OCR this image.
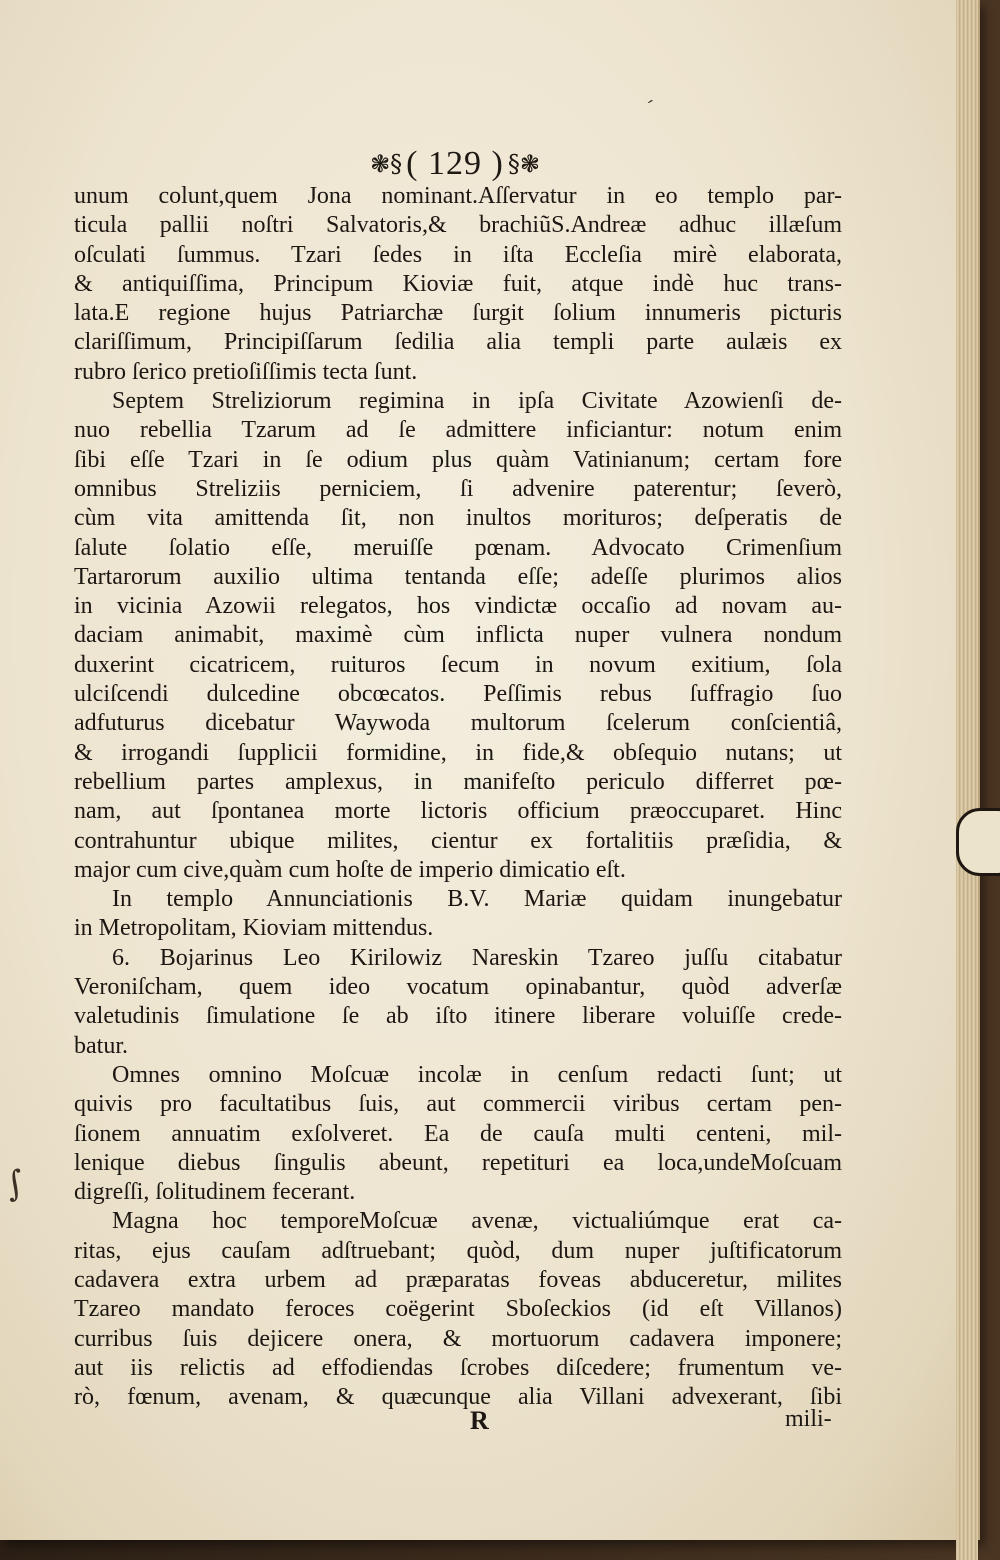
ˊ
∫
❃§ ( 129 ) §❃
unum colunt,quem Jona nominant.Aſſervatur in eo templo par-
ticula pallii noſtri Salvatoris,& brachiũS.Andreæ adhuc illæſum
oſculati ſummus. Tzari ſedes in iſta Eccleſia mirè elaborata,
& antiquiſſima, Principum Kioviæ fuit, atque indè huc trans-
lata.E regione hujus Patriarchæ ſurgit ſolium innumeris picturis
clariſſimum, Principiſſarum ſedilia alia templi parte aulæis ex
rubro ſerico pretioſiſſimis tecta ſunt.
Septem Streliziorum regimina in ipſa Civitate Azowienſi de-
nuo rebellia Tzarum ad ſe admittere inficiantur: notum enim
ſibi eſſe Tzari in ſe odium plus quàm Vatinianum; certam fore
omnibus Streliziis perniciem, ſi advenire paterentur; ſeverò,
cùm vita amittenda ſit, non inultos morituros; deſperatis de
ſalute ſolatio eſſe, meruiſſe pœnam. Advocato Crimenſium
Tartarorum auxilio ultima tentanda eſſe; adeſſe plurimos alios
in vicinia Azowii relegatos, hos vindictæ occaſio ad novam au-
daciam animabit, maximè cùm inflicta nuper vulnera nondum
duxerint cicatricem, ruituros ſecum in novum exitium, ſola
ulciſcendi dulcedine obcœcatos. Peſſimis rebus ſuffragio ſuo
adfuturus dicebatur Waywoda multorum ſcelerum conſcientiâ,
& irrogandi ſupplicii formidine, in fide,& obſequio nutans; ut
rebellium partes amplexus, in manifeſto periculo differret pœ-
nam, aut ſpontanea morte lictoris officium præoccuparet. Hinc
contrahuntur ubique milites, cientur ex fortalitiis præſidia, &
major cum cive,quàm cum hoſte de imperio dimicatio eſt.
In templo Annunciationis B.V. Mariæ quidam inungebatur
in Metropolitam, Kioviam mittendus.
6. Bojarinus Leo Kirilowiz Nareskin Tzareo juſſu citabatur
Veroniſcham, quem ideo vocatum opinabantur, quòd adverſæ
valetudinis ſimulatione ſe ab iſto itinere liberare voluiſſe crede-
batur.
Omnes omnino Moſcuæ incolæ in cenſum redacti ſunt; ut
quivis pro facultatibus ſuis, aut commercii viribus certam pen-
ſionem annuatim exſolveret. Ea de cauſa multi centeni, mil-
lenique diebus ſingulis abeunt, repetituri ea loca,undeMoſcuam
digreſſi, ſolitudinem fecerant.
Magna hoc temporeMoſcuæ avenæ, victualiúmque erat ca-
ritas, ejus cauſam adſtruebant; quòd, dum nuper juſtificatorum
cadavera extra urbem ad præparatas foveas abduceretur, milites
Tzareo mandato feroces coëgerint Sboſeckios (id eſt Villanos)
curribus ſuis dejicere onera, & mortuorum cadavera imponere;
aut iis relictis ad effodiendas ſcrobes diſcedere; frumentum ve-
rò, fœnum, avenam, & quæcunque alia Villani advexerant, ſibi
R	mili-
